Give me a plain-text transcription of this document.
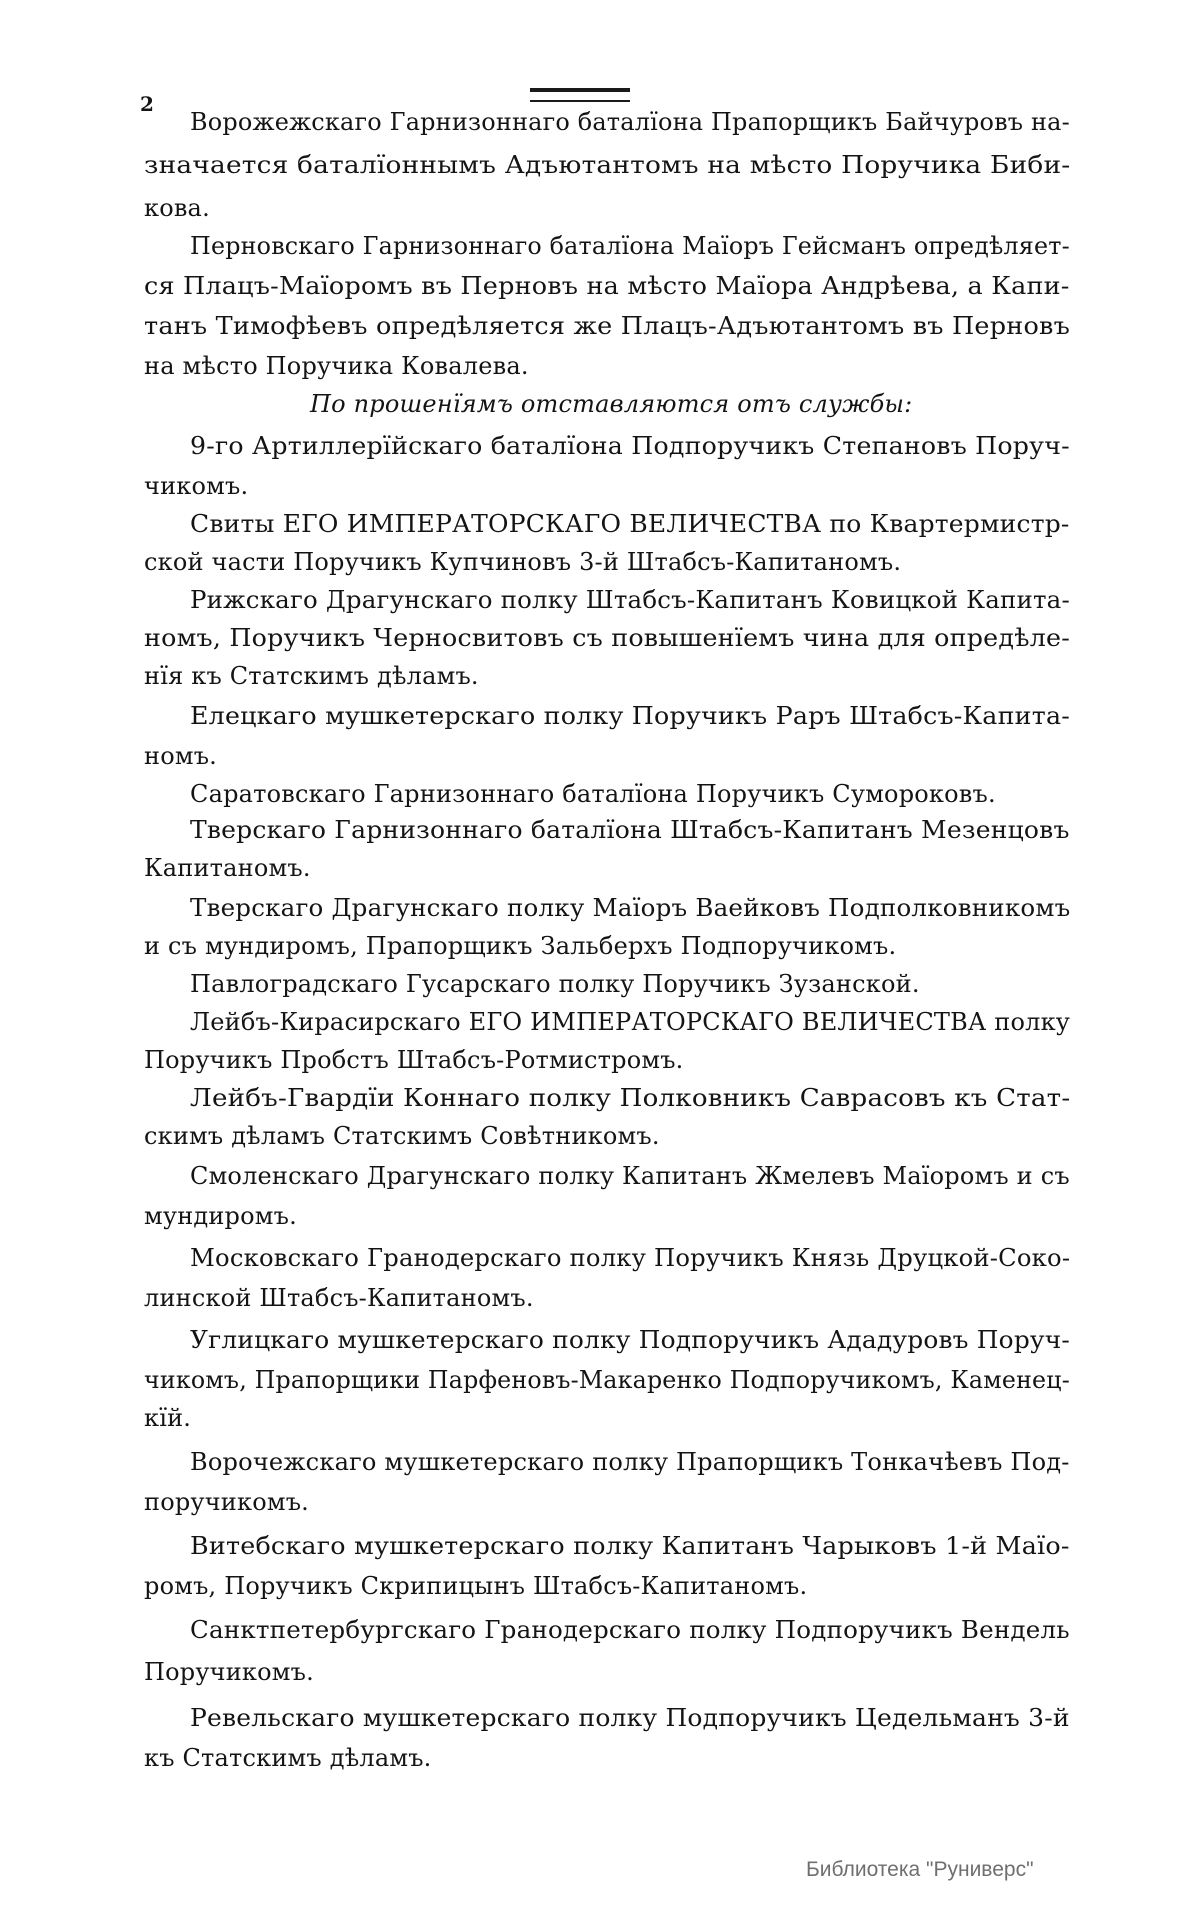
2
Ворожежскаго Гарнизоннаго баталїона Прапорщикъ Байчуровъ на-
значается баталїоннымъ Адъютантомъ на мѣсто Поручика Биби-
кова.
Перновскаго Гарнизоннаго баталїона Маїоръ Гейсманъ опредѣляет-
ся Плацъ-Маїоромъ въ Перновъ на мѣсто Маїора Андрѣева, а Капи-
танъ Тимофѣевъ опредѣляется же Плацъ-Адъютантомъ въ Перновъ
на мѣсто Поручика Ковалева.
По прошенїямъ отставляются отъ службы:
9-го Артиллерїйскаго баталїона Подпоручикъ Степановъ Поруч-
чикомъ.
Свиты ЕГО ИМПЕРАТОРСКАГО ВЕЛИЧЕСТВА по Квартермистр-
ской части Поручикъ Купчиновъ 3-й Штабсъ-Капитаномъ.
Рижскаго Драгунскаго полку Штабсъ-Капитанъ Ковицкой Капита-
номъ, Поручикъ Черносвитовъ съ повышенїемъ чина для опредѣле-
нїя къ Статскимъ дѣламъ.
Елецкаго мушкетерскаго полку Поручикъ Раръ Штабсъ-Капита-
номъ.
Саратовскаго Гарнизоннаго баталїона Поручикъ Сумороковъ.
Тверскаго Гарнизоннаго баталїона Штабсъ-Капитанъ Мезенцовъ
Капитаномъ.
Тверскаго Драгунскаго полку Маїоръ Ваейковъ Подполковникомъ
и съ мундиромъ, Прапорщикъ Зальберхъ Подпоручикомъ.
Павлоградскаго Гусарскаго полку Поручикъ Зузанской.
Лейбъ-Кирасирскаго ЕГО ИМПЕРАТОРСКАГО ВЕЛИЧЕСТВА полку
Поручикъ Пробстъ Штабсъ-Ротмистромъ.
Лейбъ-Гвардїи Коннаго полку Полковникъ Саврасовъ къ Стат-
скимъ дѣламъ Статскимъ Совѣтникомъ.
Смоленскаго Драгунскаго полку Капитанъ Жмелевъ Маїоромъ и съ
мундиромъ.
Московскаго Гранодерскаго полку Поручикъ Князь Друцкой-Соко-
линской Штабсъ-Капитаномъ.
Углицкаго мушкетерскаго полку Подпоручикъ Ададуровъ Поруч-
чикомъ, Прапорщики Парфеновъ-Макаренко Подпоручикомъ, Каменец-
кїй.
Ворочежскаго мушкетерскаго полку Прапорщикъ Тонкачѣевъ Под-
поручикомъ.
Витебскаго мушкетерскаго полку Капитанъ Чарыковъ 1-й Маїо-
ромъ, Поручикъ Скрипицынъ Штабсъ-Капитаномъ.
Санктпетербургскаго Гранодерскаго полку Подпоручикъ Вендель
Поручикомъ.
Ревельскаго мушкетерскаго полку Подпоручикъ Цедельманъ 3-й
къ Статскимъ дѣламъ.
Библиотека "Руниверс"
